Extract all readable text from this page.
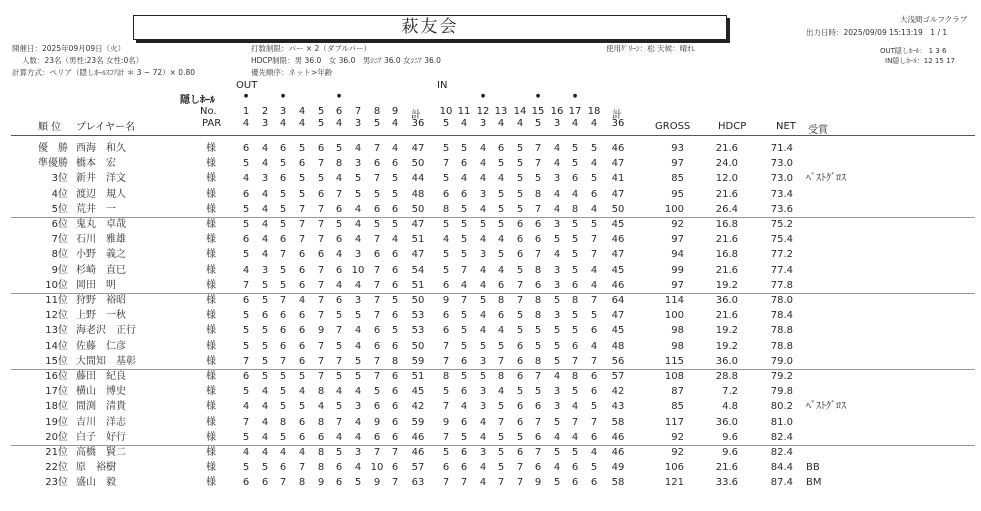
萩友会	大浅間ゴルフクラブ
出力日時：2025/09/09 15:13:19　1 / 1
OUT隠しﾎｰﾙ： 1 3 6
IN隠しﾎｰﾙ：12 15 17
開催日：2025年09月09日（火）
人数：23名（男性:23名 女性:0名）
計算方式：ペリア（隠しﾎｰﾙｽｺｱ計 ＊ 3 − 72）× 0.80
打数制限：パー × 2（ダブルパー）
HDCP制限：男 36.0　女 36.0　男ｼﾆｱ 36.0 女ｼﾆｱ 36.0
優先順序：ネット>年齢
使用ｸﾞﾘｰﾝ：松 天候：晴れ
OUT	IN
隠しﾎｰﾙ
No.
PAR
順 位 プレイヤー名
1 2 3 4 5 6 7 8 9	10 11 12 13 14 15 16 17 18
4 3 4 4 5 4 3 5 4	5 4 3 4 4 5 3 4 4
36	36
●	●	●	●	●	●
計	計
GROSS	HDCP	NET 受賞
優　勝 西海　和久	様	6 4 6 5 6 5 4 7 4 47 5 5 4 6 5 7 4 5 5 46	93	21.6	71.4
準優勝 橋本　宏	様	5 4 5 6 7 8 3 6 6 50 7 6 4 5 5 7 4 5 4 47	97	24.0	73.0
3位 新井　洋文	様	4 3 6 5 5 4 5 7 5 44 5 4 4 4 5 5 3 6 5 41	85	12.0	73.0 ﾍﾞｽﾄｸﾞﾛｽ
4位 渡辺　規人	様	6 4 5 5 6 7 5 5 5 48 6 6 3 5 5 8 4 4 6 47	95	21.6	73.4
5位 荒井　一	様	5 4 5 7 7 6 4 6 6 50 8 5 4 5 5 7 4 8 4 50	100	26.4	73.6
6位 鬼丸　卓哉	様	5 4 5 7 7 5 4 5 5 47 5 5 5 5 6 6 3 5 5 45	92	16.8	75.2
7位 石川　雅雄	様	6 4 6 7 7 6 4 7 4 51 4 5 4 4 6 6 5 5 7 46	97	21.6	75.4
8位 小野　義之	様	5 4 7 6 6 4 3 6 6 47 5 5 3 5 6 7 4 5 7 47	94	16.8	77.2
9位 杉崎　直巳	様	4 3 5 6 7 6 10 7 6 54 5 7 4 4 5 8 3 5 4 45	99	21.6	77.4
10位 岡田　明	様	7 5 5 6 7 4 4 7 6 51 6 4 4 6 7 6 3 6 4 46	97	19.2	77.8
11位 狩野　裕昭	様	6 5 7 4 7 6 3 7 5 50 9 7 5 8 7 8 5 8 7 64	114	36.0	78.0
12位 上野　一秋	様	5 6 6 6 7 5 5 7 6 53 6 5 4 6 5 8 3 5 5 47	100	21.6	78.4
13位 海老沢　正行	様	5 5 6 6 9 7 4 6 5 53 6 5 4 4 5 5 5 5 6 45	98	19.2	78.8
14位 佐藤　仁彦	様	5 5 6 6 7 5 4 6 6 50 7 5 5 5 6 5 5 6 4 48	98	19.2	78.8
15位 大間知　基彰	様	7 5 7 6 7 7 5 7 8 59 7 6 3 7 6 8 5 7 7 56	115	36.0	79.0
16位 藤田　紀良	様	6 5 5 5 7 5 5 7 6 51 8 5 5 8 6 7 4 8 6 57	108	28.8	79.2
17位 横山　博史	様	5 4 5 4 8 4 4 5 6 45 5 6 3 4 5 5 3 5 6 42	87	7.2	79.8
18位 間渕　清貴	様	4 4 5 5 4 5 3 6 6 42 7 4 3 5 6 6 3 4 5 43	85	4.8	80.2 ﾍﾞｽﾄｸﾞﾛｽ
19位 吉川　洋志	様	7 4 8 6 8 7 4 9 6 59 9 6 4 7 6 7 5 7 7 58	117	36.0	81.0
20位 白子　好行	様	5 4 5 6 6 4 4 6 6 46 7 5 4 5 5 6 4 4 6 46	92	9.6	82.4
21位 高橋　賢二	様	4 4 4 4 8 5 3 7 7 46 5 6 3 5 6 7 5 5 4 46	92	9.6	82.4
22位 原　裕樹	様	5 5 6 7 8 6 4 10 6 57 6 6 4 5 7 6 4 6 5 49	106	21.6	84.4 BB
23位 盛山　毅	様	6 6 7 8 9 6 5 9 7 63 7 7 4 7 7 9 5 6 6 58	121	33.6	87.4 BM
